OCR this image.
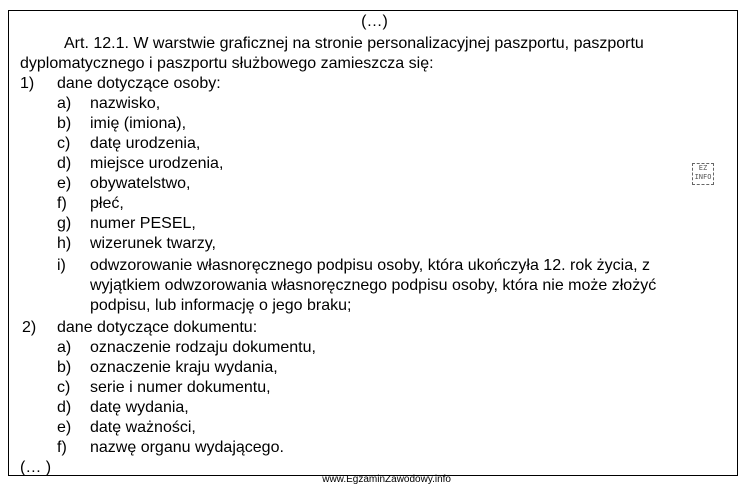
(…)
Art. 12.1. W warstwie graficznej na stronie personalizacyjnej paszportu, paszportu
dyplomatycznego i paszportu służbowego zamieszcza się:
1) dane dotyczące osoby:
a) nazwisko,
b) imię (imiona),
c) datę urodzenia,
d) miejsce urodzenia,
e) obywatelstwo,
f) płeć,
g) numer PESEL,
h) wizerunek twarzy,
i) odwzorowanie własnoręcznego podpisu osoby, która ukończyła 12. rok życia, z
wyjątkiem odwzorowania własnoręcznego podpisu osoby, która nie może złożyć
podpisu, lub informację o jego braku;
2) dane dotyczące dokumentu:
a) oznaczenie rodzaju dokumentu,
b) oznaczenie kraju wydania,
c) serie i numer dokumentu,
d) datę wydania,
e) datę ważności,
f) nazwę organu wydającego.
(… )
EZ INFO
www.EgzaminZawodowy.info
